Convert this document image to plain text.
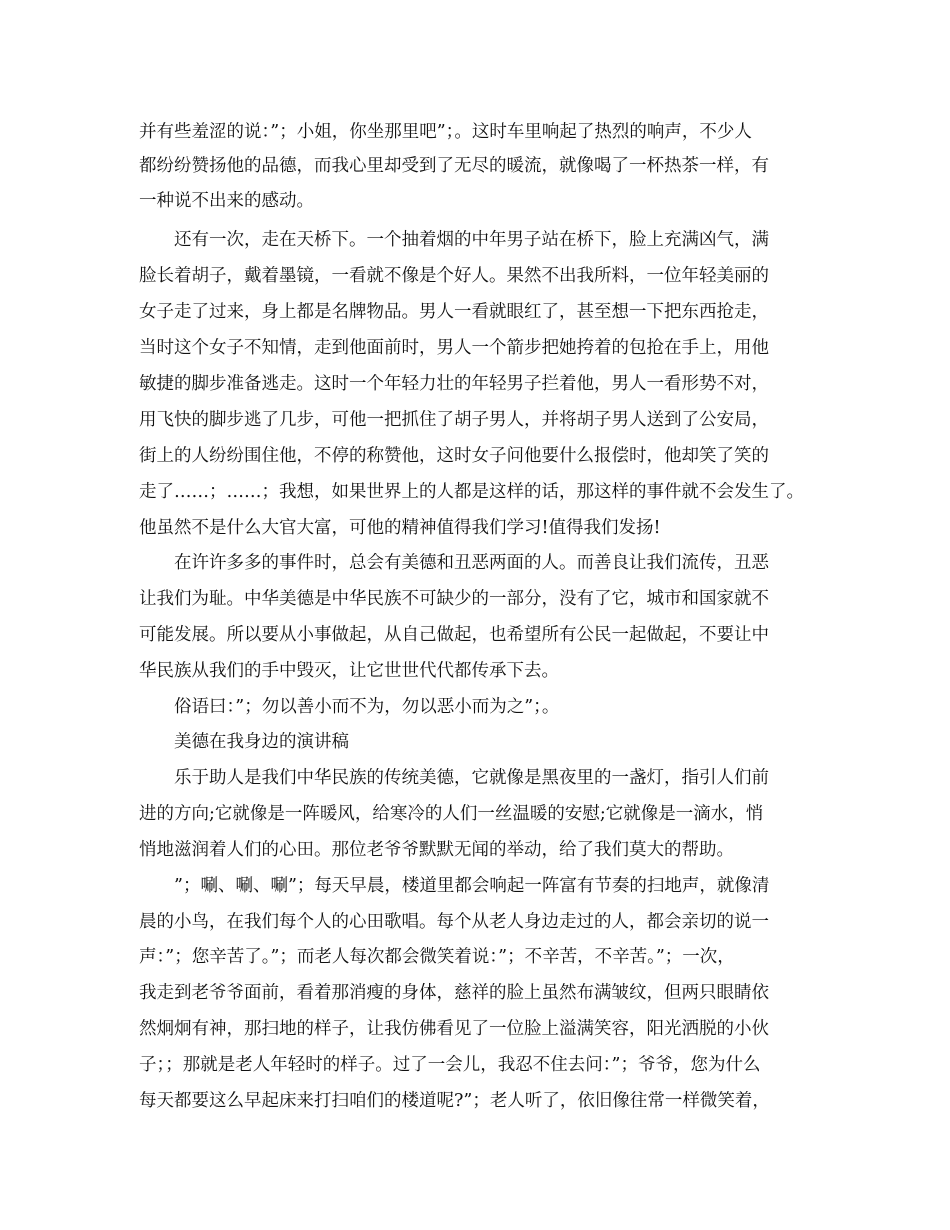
并有些羞涩的说：”；小姐，你坐那里吧”；。这时车里响起了热烈的响声，不少人
都纷纷赞扬他的品德，而我心里却受到了无尽的暖流，就像喝了一杯热茶一样，有
一种说不出来的感动。
还有一次，走在天桥下。一个抽着烟的中年男子站在桥下，脸上充满凶气，满
脸长着胡子，戴着墨镜，一看就不像是个好人。果然不出我所料，一位年轻美丽的
女子走了过来，身上都是名牌物品。男人一看就眼红了，甚至想一下把东西抢走，
当时这个女子不知情，走到他面前时，男人一个箭步把她挎着的包抢在手上，用他
敏捷的脚步准备逃走。这时一个年轻力壮的年轻男子拦着他，男人一看形势不对，
用飞快的脚步逃了几步，可他一把抓住了胡子男人，并将胡子男人送到了公安局，
街上的人纷纷围住他，不停的称赞他，这时女子问他要什么报偿时，他却笑了笑的
走了……；……；我想，如果世界上的人都是这样的话，那这样的事件就不会发生了。
他虽然不是什么大官大富，可他的精神值得我们学习!值得我们发扬!
在许许多多的事件时，总会有美德和丑恶两面的人。而善良让我们流传，丑恶
让我们为耻。中华美德是中华民族不可缺少的一部分，没有了它，城市和国家就不
可能发展。所以要从小事做起，从自己做起，也希望所有公民一起做起，不要让中
华民族从我们的手中毁灭，让它世世代代都传承下去。
俗语曰：”；勿以善小而不为，勿以恶小而为之”；。
美德在我身边的演讲稿
乐于助人是我们中华民族的传统美德，它就像是黑夜里的一盏灯，指引人们前
进的方向;它就像是一阵暖风，给寒冷的人们一丝温暖的安慰;它就像是一滴水，悄
悄地滋润着人们的心田。那位老爷爷默默无闻的举动，给了我们莫大的帮助。
”；唰、唰、唰”；每天早晨，楼道里都会响起一阵富有节奏的扫地声，就像清
晨的小鸟，在我们每个人的心田歌唱。每个从老人身边走过的人，都会亲切的说一
声：”；您辛苦了。”；而老人每次都会微笑着说：”；不辛苦，不辛苦。”；一次，
我走到老爷爷面前，看着那消瘦的身体，慈祥的脸上虽然布满皱纹，但两只眼睛依
然炯炯有神，那扫地的样子，让我仿佛看见了一位脸上溢满笑容，阳光洒脱的小伙
子；；那就是老人年轻时的样子。过了一会儿，我忍不住去问：”；爷爷，您为什么
每天都要这么早起床来打扫咱们的楼道呢?”；老人听了，依旧像往常一样微笑着，
